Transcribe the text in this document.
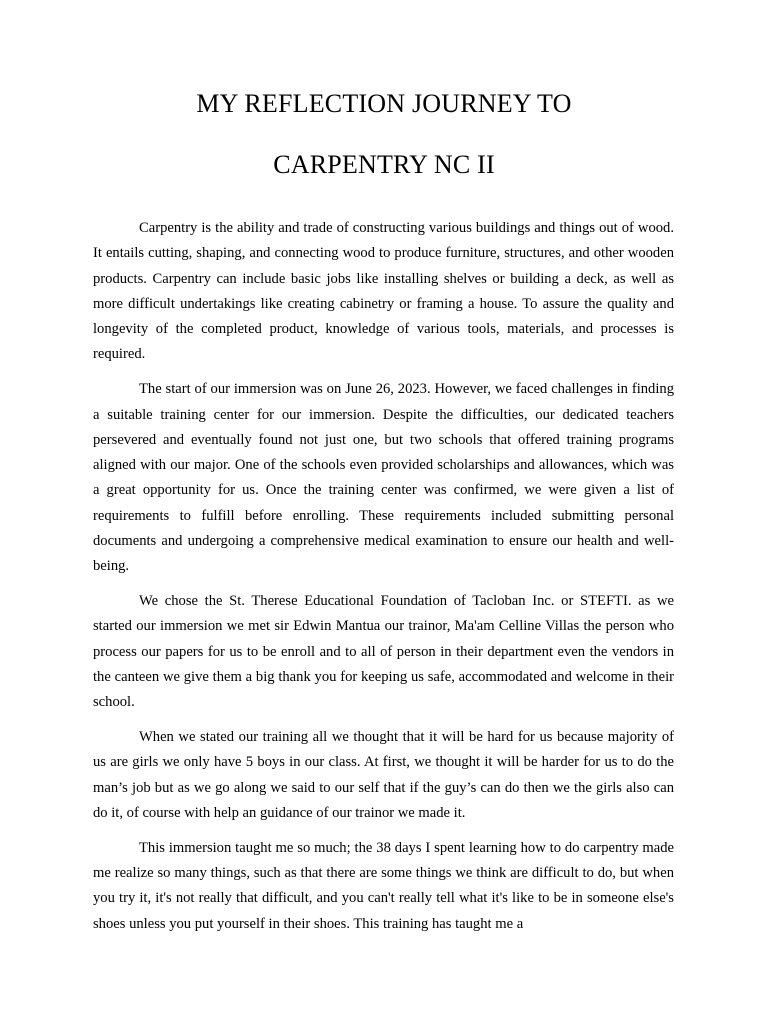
MY REFLECTION JOURNEY TO
CARPENTRY NC II

Carpentry is the ability and trade of constructing various buildings and things out of wood. It entails cutting, shaping, and connecting wood to produce furniture, structures, and other wooden products. Carpentry can include basic jobs like installing shelves or building a deck, as well as more difficult undertakings like creating cabinetry or framing a house. To assure the quality and longevity of the completed product, knowledge of various tools, materials, and processes is required.

The start of our immersion was on June 26, 2023. However, we faced challenges in finding a suitable training center for our immersion. Despite the difficulties, our dedicated teachers persevered and eventually found not just one, but two schools that offered training programs aligned with our major. One of the schools even provided scholarships and allowances, which was a great opportunity for us. Once the training center was confirmed, we were given a list of requirements to fulfill before enrolling. These requirements included submitting personal documents and undergoing a comprehensive medical examination to ensure our health and well-being.

We chose the St. Therese Educational Foundation of Tacloban Inc. or STEFTI. as we started our immersion we met sir Edwin Mantua our trainor, Ma'am Celline Villas the person who process our papers for us to be enroll and to all of person in their department even the vendors in the canteen we give them a big thank you for keeping us safe, accommodated and welcome in their school.

When we stated our training all we thought that it will be hard for us because majority of us are girls we only have 5 boys in our class. At first, we thought it will be harder for us to do the man’s job but as we go along we said to our self that if the guy’s can do then we the girls also can do it, of course with help an guidance of our trainor we made it.

This immersion taught me so much; the 38 days I spent learning how to do carpentry made me realize so many things, such as that there are some things we think are difficult to do, but when you try it, it's not really that difficult, and you can't really tell what it's like to be in someone else's shoes unless you put yourself in their shoes. This training has taught me a
